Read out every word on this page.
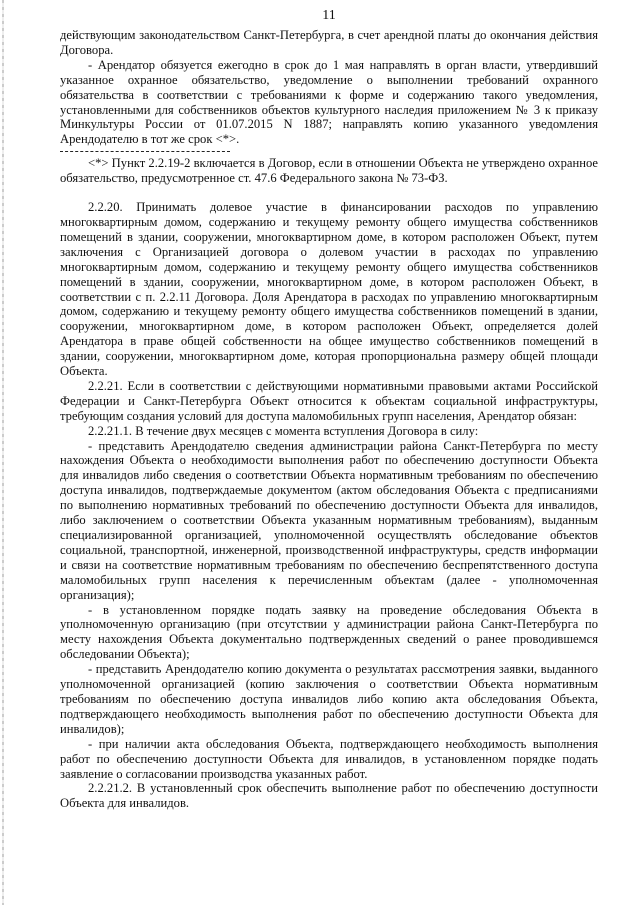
11

действующим законодательством Санкт-Петербурга, в счет арендной платы до окончания действия Договора.

- Арендатор обязуется ежегодно в срок до 1 мая направлять в орган власти, утвердивший указанное охранное обязательство, уведомление о выполнении требований охранного обязательства в соответствии с требованиями к форме и содержанию такого уведомления, установленными для собственников объектов культурного наследия приложением № 3 к приказу Минкультуры России от 01.07.2015 N 1887; направлять копию указанного уведомления Арендодателю в тот же срок <*>.

<*> Пункт 2.2.19-2 включается в Договор, если в отношении Объекта не утверждено охранное обязательство, предусмотренное ст. 47.6 Федерального закона № 73-ФЗ.

2.2.20. Принимать долевое участие в финансировании расходов по управлению многоквартирным домом, содержанию и текущему ремонту общего имущества собственников помещений в здании, сооружении, многоквартирном доме, в котором расположен Объект, путем заключения с Организацией договора о долевом участии в расходах по управлению многоквартирным домом, содержанию и текущему ремонту общего имущества собственников помещений в здании, сооружении, многоквартирном доме, в котором расположен Объект, в соответствии с п. 2.2.11 Договора. Доля Арендатора в расходах по управлению многоквартирным домом, содержанию и текущему ремонту общего имущества собственников помещений в здании, сооружении, многоквартирном доме, в котором расположен Объект, определяется долей Арендатора в праве общей собственности на общее имущество собственников помещений в здании, сооружении, многоквартирном доме, которая пропорциональна размеру общей площади Объекта.

2.2.21. Если в соответствии с действующими нормативными правовыми актами Российской Федерации и Санкт-Петербурга Объект относится к объектам социальной инфраструктуры, требующим создания условий для доступа маломобильных групп населения, Арендатор обязан:

2.2.21.1. В течение двух месяцев с момента вступления Договора в силу:

- представить Арендодателю сведения администрации района Санкт-Петербурга по месту нахождения Объекта о необходимости выполнения работ по обеспечению доступности Объекта для инвалидов либо сведения о соответствии Объекта нормативным требованиям по обеспечению доступа инвалидов, подтверждаемые документом (актом обследования Объекта с предписаниями по выполнению нормативных требований по обеспечению доступности Объекта для инвалидов, либо заключением о соответствии Объекта указанным нормативным требованиям), выданным специализированной организацией, уполномоченной осуществлять обследование объектов социальной, транспортной, инженерной, производственной инфраструктуры, средств информации и связи на соответствие нормативным требованиям по обеспечению беспрепятственного доступа маломобильных групп населения к перечисленным объектам (далее - уполномоченная организация);

- в установленном порядке подать заявку на проведение обследования Объекта в уполномоченную организацию (при отсутствии у администрации района Санкт-Петербурга по месту нахождения Объекта документально подтвержденных сведений о ранее проводившемся обследовании Объекта);

- представить Арендодателю копию документа о результатах рассмотрения заявки, выданного уполномоченной организацией (копию заключения о соответствии Объекта нормативным требованиям по обеспечению доступа инвалидов либо копию акта обследования Объекта, подтверждающего необходимость выполнения работ по обеспечению доступности Объекта для инвалидов);

- при наличии акта обследования Объекта, подтверждающего необходимость выполнения работ по обеспечению доступности Объекта для инвалидов, в установленном порядке подать заявление о согласовании производства указанных работ.

2.2.21.2. В установленный срок обеспечить выполнение работ по обеспечению доступности Объекта для инвалидов.
